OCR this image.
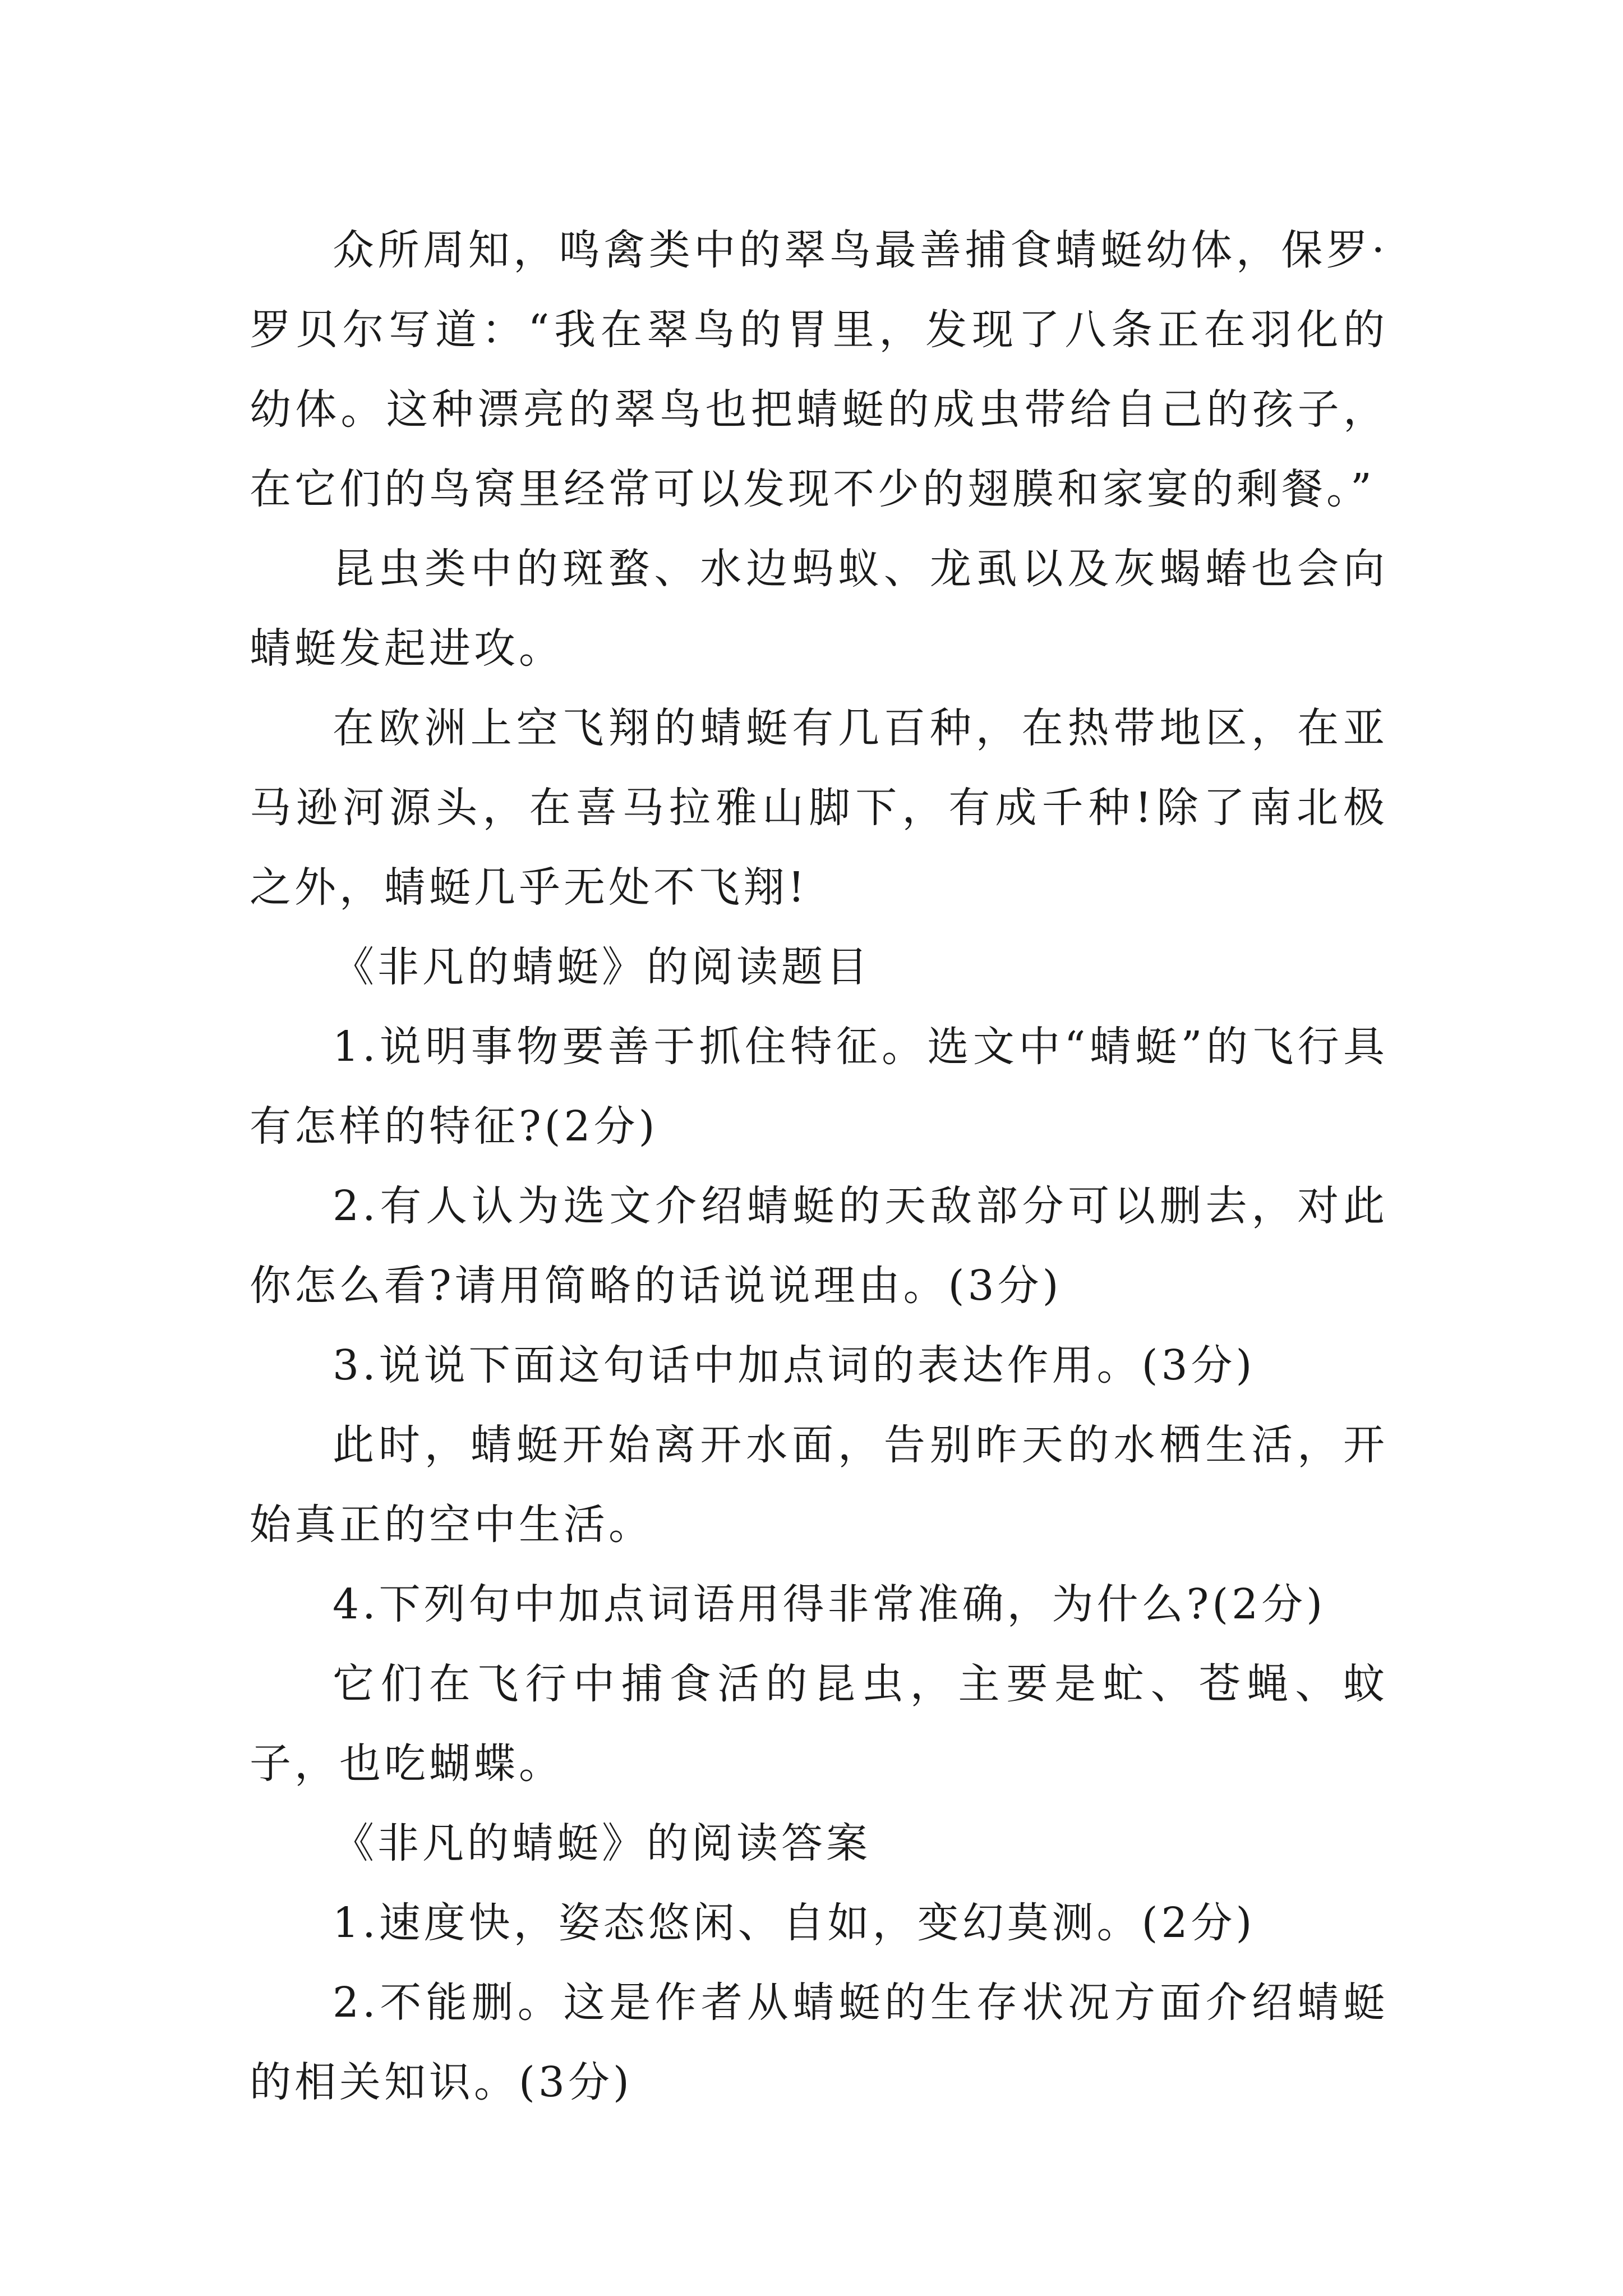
众所周知，鸣禽类中的翠鸟最善捕食蜻蜓幼体，保罗·罗贝尔写道：“我在翠鸟的胃里，发现了八条正在羽化的幼体。这种漂亮的翠鸟也把蜻蜓的成虫带给自己的孩子，在它们的鸟窝里经常可以发现不少的翅膜和家宴的剩餐。”

昆虫类中的斑蝥、水边蚂蚁、龙虱以及灰蝎蝽也会向蜻蜓发起进攻。

在欧洲上空飞翔的蜻蜓有几百种，在热带地区，在亚马逊河源头，在喜马拉雅山脚下，有成千种!除了南北极之外，蜻蜓几乎无处不飞翔!

《非凡的蜻蜓》的阅读题目

1.说明事物要善于抓住特征。选文中“蜻蜓”的飞行具有怎样的特征?(2分)

2.有人认为选文介绍蜻蜓的天敌部分可以删去，对此你怎么看?请用简略的话说说理由。(3分)

3.说说下面这句话中加点词的表达作用。(3分)

此时，蜻蜓开始离开水面，告别昨天的水栖生活，开始真正的空中生活。

4.下列句中加点词语用得非常准确，为什么?(2分)

它们在飞行中捕食活的昆虫，主要是虻、苍蝇、蚊子，也吃蝴蝶。

《非凡的蜻蜓》的阅读答案

1.速度快，姿态悠闲、自如，变幻莫测。(2分)

2.不能删。这是作者从蜻蜓的生存状况方面介绍蜻蜓的相关知识。(3分)
